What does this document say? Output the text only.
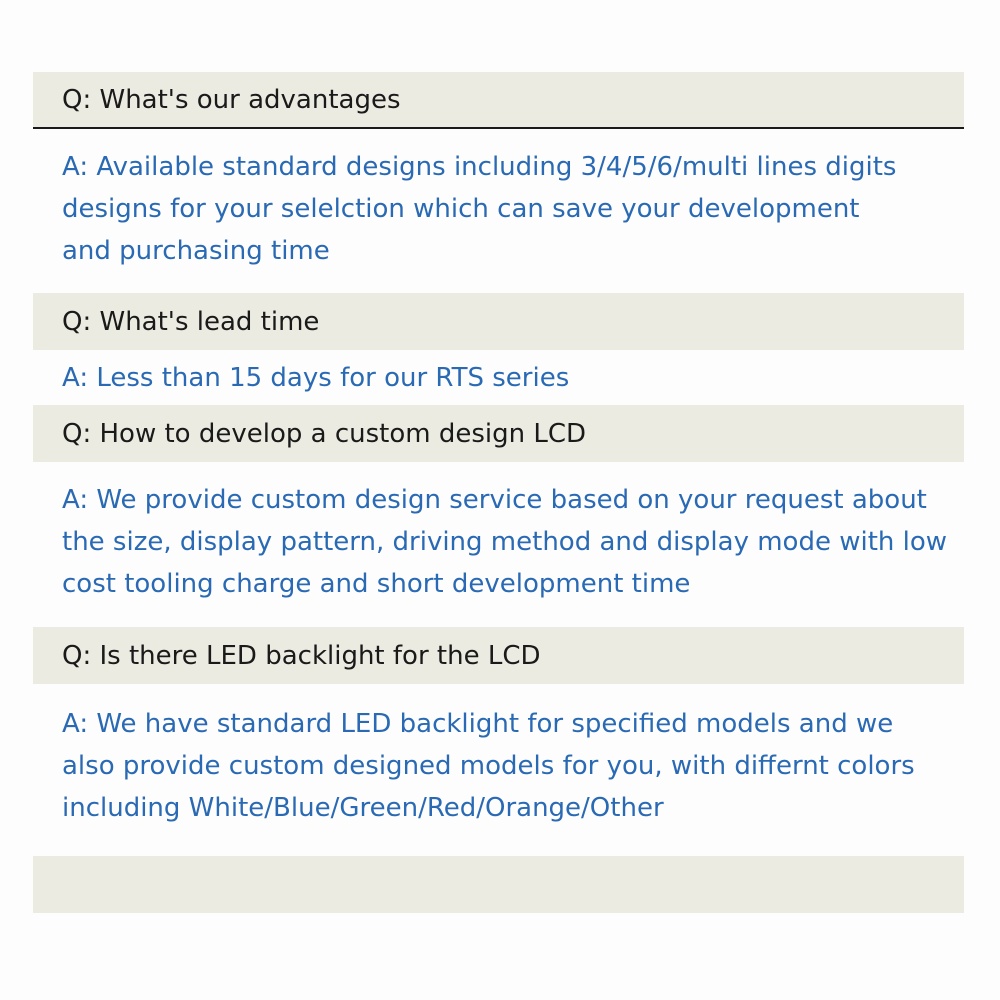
Q: What's our advantages
A: Available standard designs including 3/4/5/6/multi lines digits designs for your selelction which can save your development and purchasing time
Q: What's lead time
A: Less than 15 days for our RTS series
Q: How to develop a custom design LCD
A: We provide custom design service based on your request about the size, display pattern, driving method and display mode with low cost tooling charge and short development time
Q: Is there LED backlight for the LCD
A: We have standard LED backlight for specified models and we also provide custom designed models for you, with differnt colors including White/Blue/Green/Red/Orange/Other
